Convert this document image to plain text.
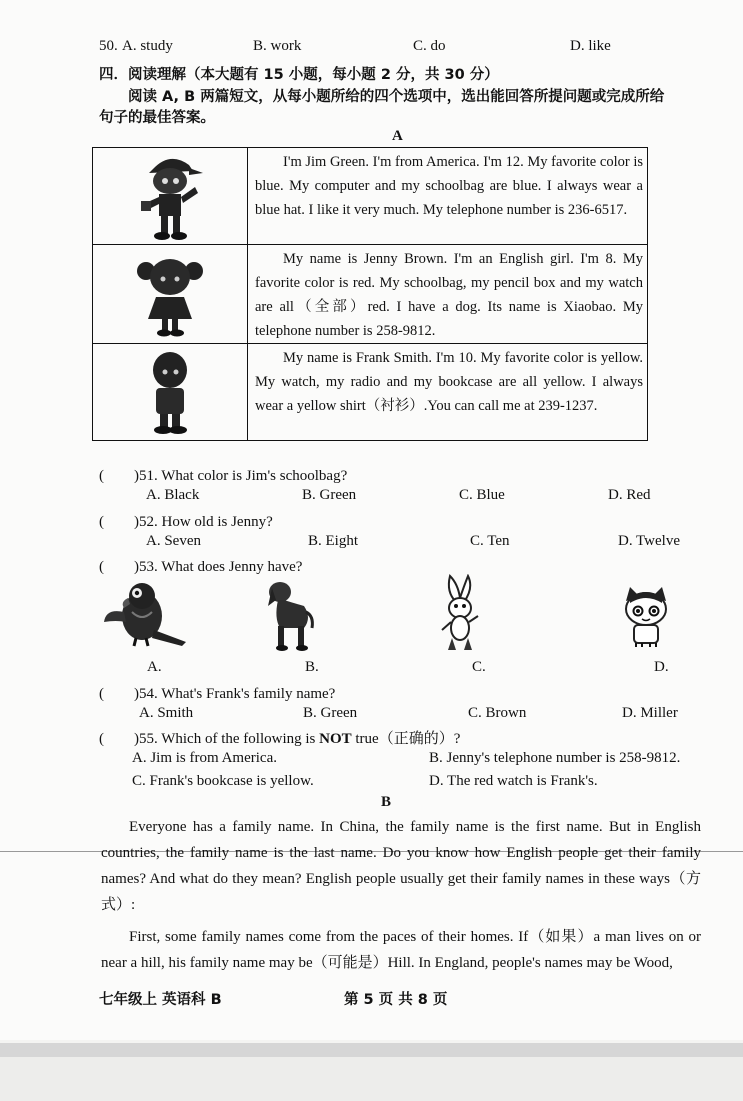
50. A. study	B. work	C. do	D. like
四．阅读理解（本大题有 15 小题，每小题 2 分，共 30 分）
阅读 A, B 两篇短文，从每小题所给的四个选项中，选出能回答所提问题或完成所给
句子的最佳答案。
A
	I'm Jim Green. I'm from America. I'm 12. My favorite color is blue. My computer and my schoolbag are blue. I always wear a blue hat. I like it very much. My telephone number is 236-6517.

	My name is Jenny Brown. I'm an English girl. I'm 8. My favorite color is red. My schoolbag, my pencil box and my watch are all（全部）red. I have a dog. Its name is Xiaobao. My telephone number is 258-9812.

	My name is Frank Smith. I'm 10. My favorite color is yellow. My watch, my radio and my bookcase are all yellow. I always wear a yellow shirt（衬衫）.You can call me at 239-1237.
(　　)51. What color is Jim's schoolbag?
A. Black	B. Green	C. Blue	D. Red
(　　)52. How old is Jenny?
A. Seven	B. Eight	C. Ten	D. Twelve
(　　)53. What does Jenny have?
A.	B.	C.	D.
(　　)54. What's Frank's family name?
A. Smith	B. Green	C. Brown	D. Miller
(　　)55. Which of the following is NOT true（正确的）?
A. Jim is from America.	B. Jenny's telephone number is 258-9812.
C. Frank's bookcase is yellow.	D. The red watch is Frank's.
B

Everyone has a family name. In China, the family name is the first name. But in English countries, the family name is the last name. Do you know how English people get their family names? And what do they mean? English people usually get their family names in these ways（方式）:

First, some family names come from the paces of their homes. If（如果）a man lives on or near a hill, his family name may be（可能是）Hill. In England, people's names may be Wood,

七年级上 英语科 B	第 5 页 共 8 页
